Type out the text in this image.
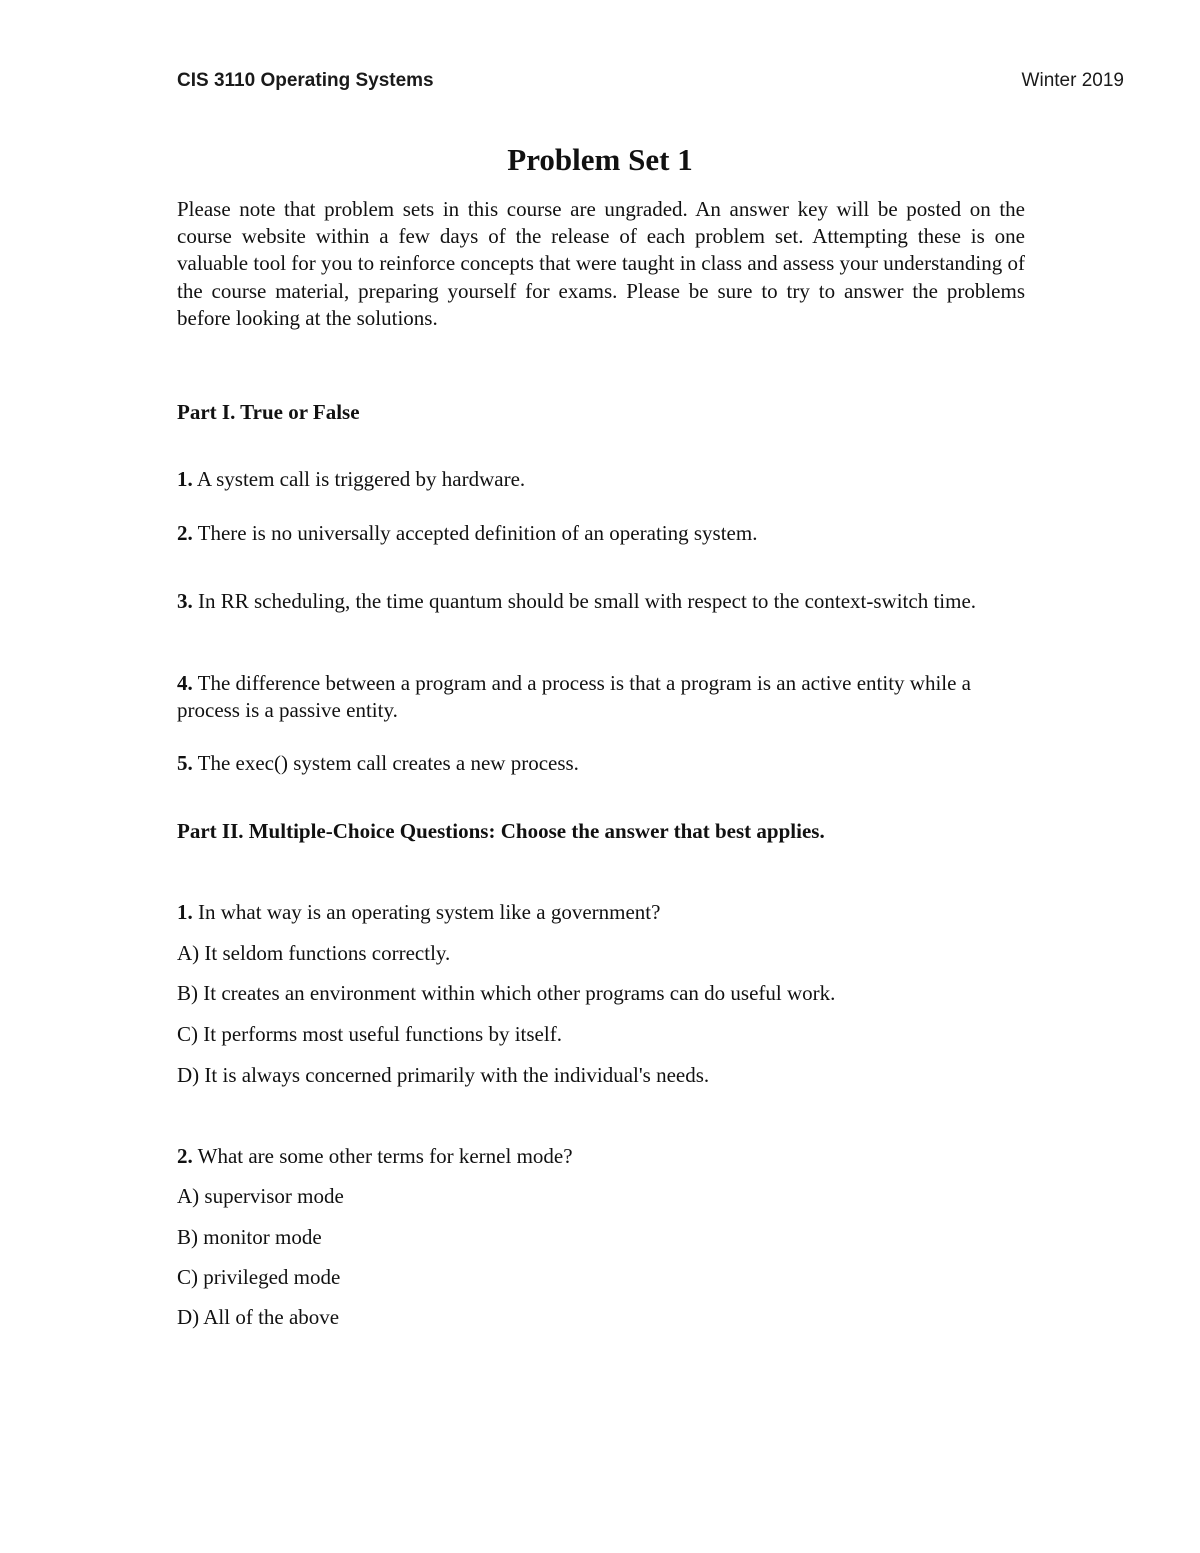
CIS 3110 Operating Systems	Winter 2019
Problem Set 1

Please note that problem sets in this course are ungraded. An answer key will be posted on the course website within a few days of the release of each problem set. Attempting these is one valuable tool for you to reinforce concepts that were taught in class and assess your understanding of the course material, preparing yourself for exams. Please be sure to try to answer the problems before looking at the solutions.

Part I. True or False

1. A system call is triggered by hardware.

2. There is no universally accepted definition of an operating system.

3. In RR scheduling, the time quantum should be small with respect to the context-switch time.

4. The difference between a program and a process is that a program is an active entity while a process is a passive entity.

5. The exec() system call creates a new process.

Part II. Multiple-Choice Questions: Choose the answer that best applies.

1. In what way is an operating system like a government?

A) It seldom functions correctly.

B) It creates an environment within which other programs can do useful work.

C) It performs most useful functions by itself.

D) It is always concerned primarily with the individual's needs.

2. What are some other terms for kernel mode?

A) supervisor mode

B) monitor mode

C) privileged mode

D) All of the above
